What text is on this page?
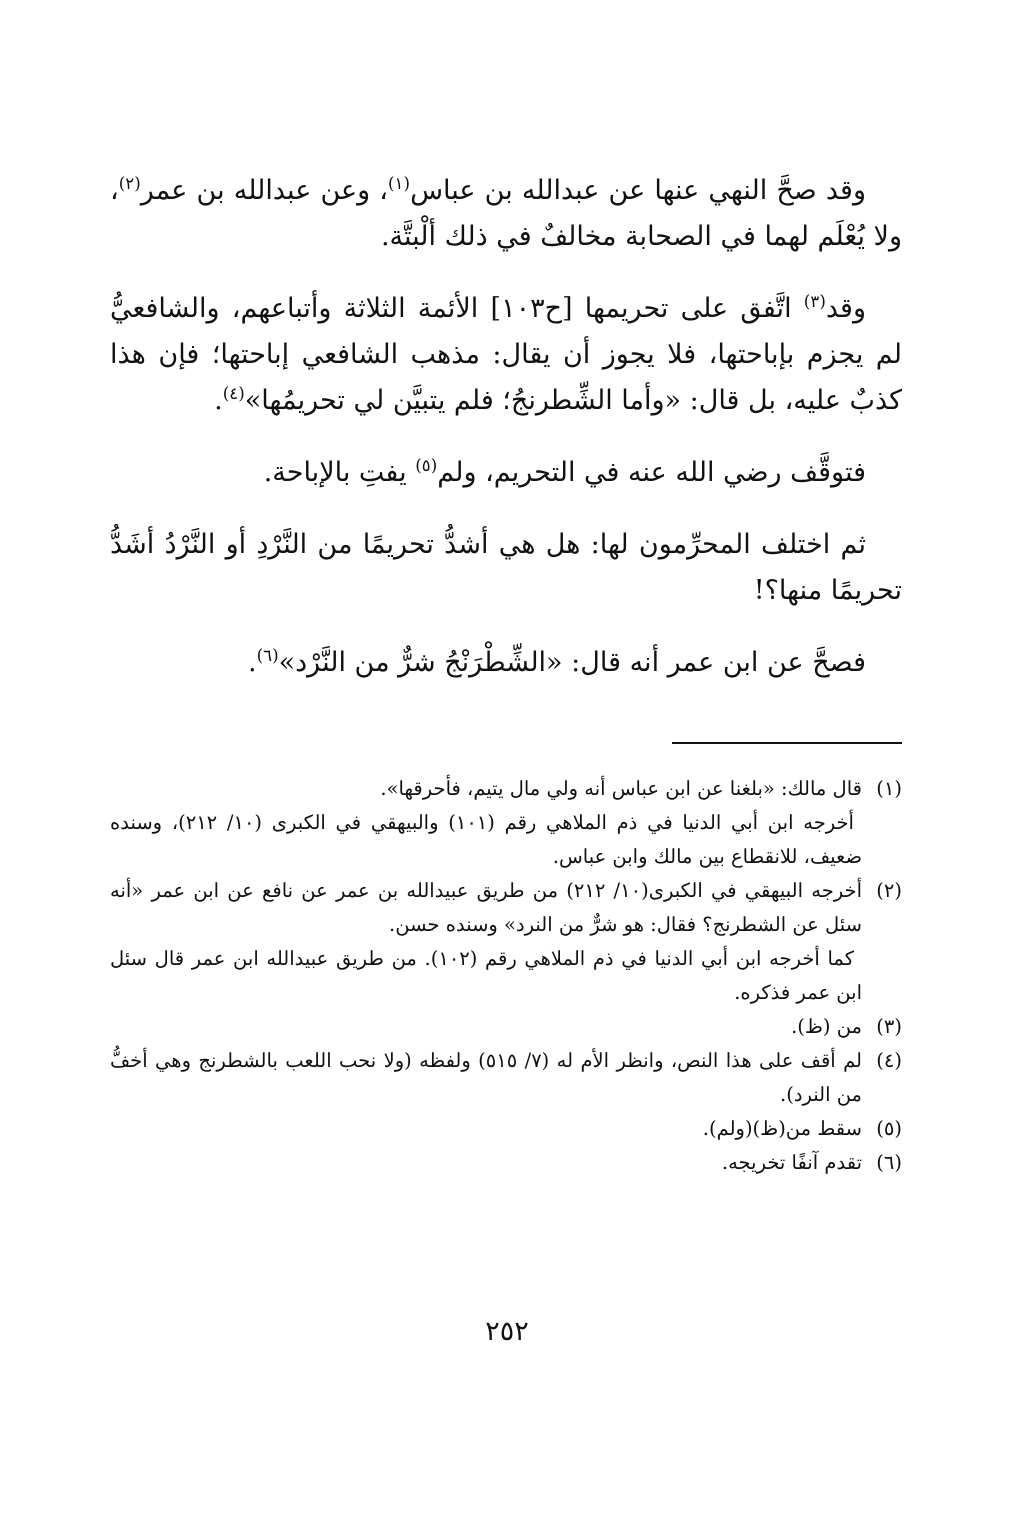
وقد صحَّ النهي عنها عن عبدالله بن عباس$^{(١)}$، وعن عبدالله بن عمر$^{(٢)}$، ولا يُعْلَم لهما في الصحابة مخالفٌ في ذلك ألْبتَّة.

وقد$^{(٣)}$ اتَّفق على تحريمها [ح١٠٣] الأئمة الثلاثة وأتباعهم، والشافعيُّ لم يجزم بإباحتها، فلا يجوز أن يقال: مذهب الشافعي إباحتها؛ فإن هذا كذبٌ عليه، بل قال: «وأما الشِّطرنجُ؛ فلم يتبيَّن لي تحريمُها»$^{(٤)}$.

فتوقَّف رضي الله عنه في التحريم، ولم$^{(٥)}$ يفتِ بالإباحة.

ثم اختلف المحرِّمون لها: هل هي أشدُّ تحريمًا من النَّرْدِ أو النَّرْدُ أشَدُّ تحريمًا منها؟!

فصحَّ عن ابن عمر أنه قال: «الشِّطْرَنْجُ شرٌّ من النَّرْد»$^{(٦)}$.

(١)

قال مالك: «بلغنا عن ابن عباس أنه ولي مال يتيم، فأحرقها».

أخرجه ابن أبي الدنيا في ذم الملاهي رقم (١٠١) والبيهقي في الكبرى (١٠/ ٢١٢)، وسنده ضعيف، للانقطاع بين مالك وابن عباس.

(٢)

أخرجه البيهقي في الكبرى(١٠/ ٢١٢) من طريق عبيدالله بن عمر عن نافع عن ابن عمر «أنه سئل عن الشطرنج؟ فقال: هو شرٌّ من النرد» وسنده حسن.

كما أخرجه ابن أبي الدنيا في ذم الملاهي رقم (١٠٢). من طريق عبيدالله ابن عمر قال سئل ابن عمر فذكره.

(٣)

من (ظ).

(٤)

لم أقف على هذا النص، وانظر الأم له (٧/ ٥١٥) ولفظه (ولا نحب اللعب بالشطرنج وهي أخفُّ من النرد).

(٥)

سقط من(ظ)(ولم).

(٦)

تقدم آنفًا تخريجه.

٢٥٢
